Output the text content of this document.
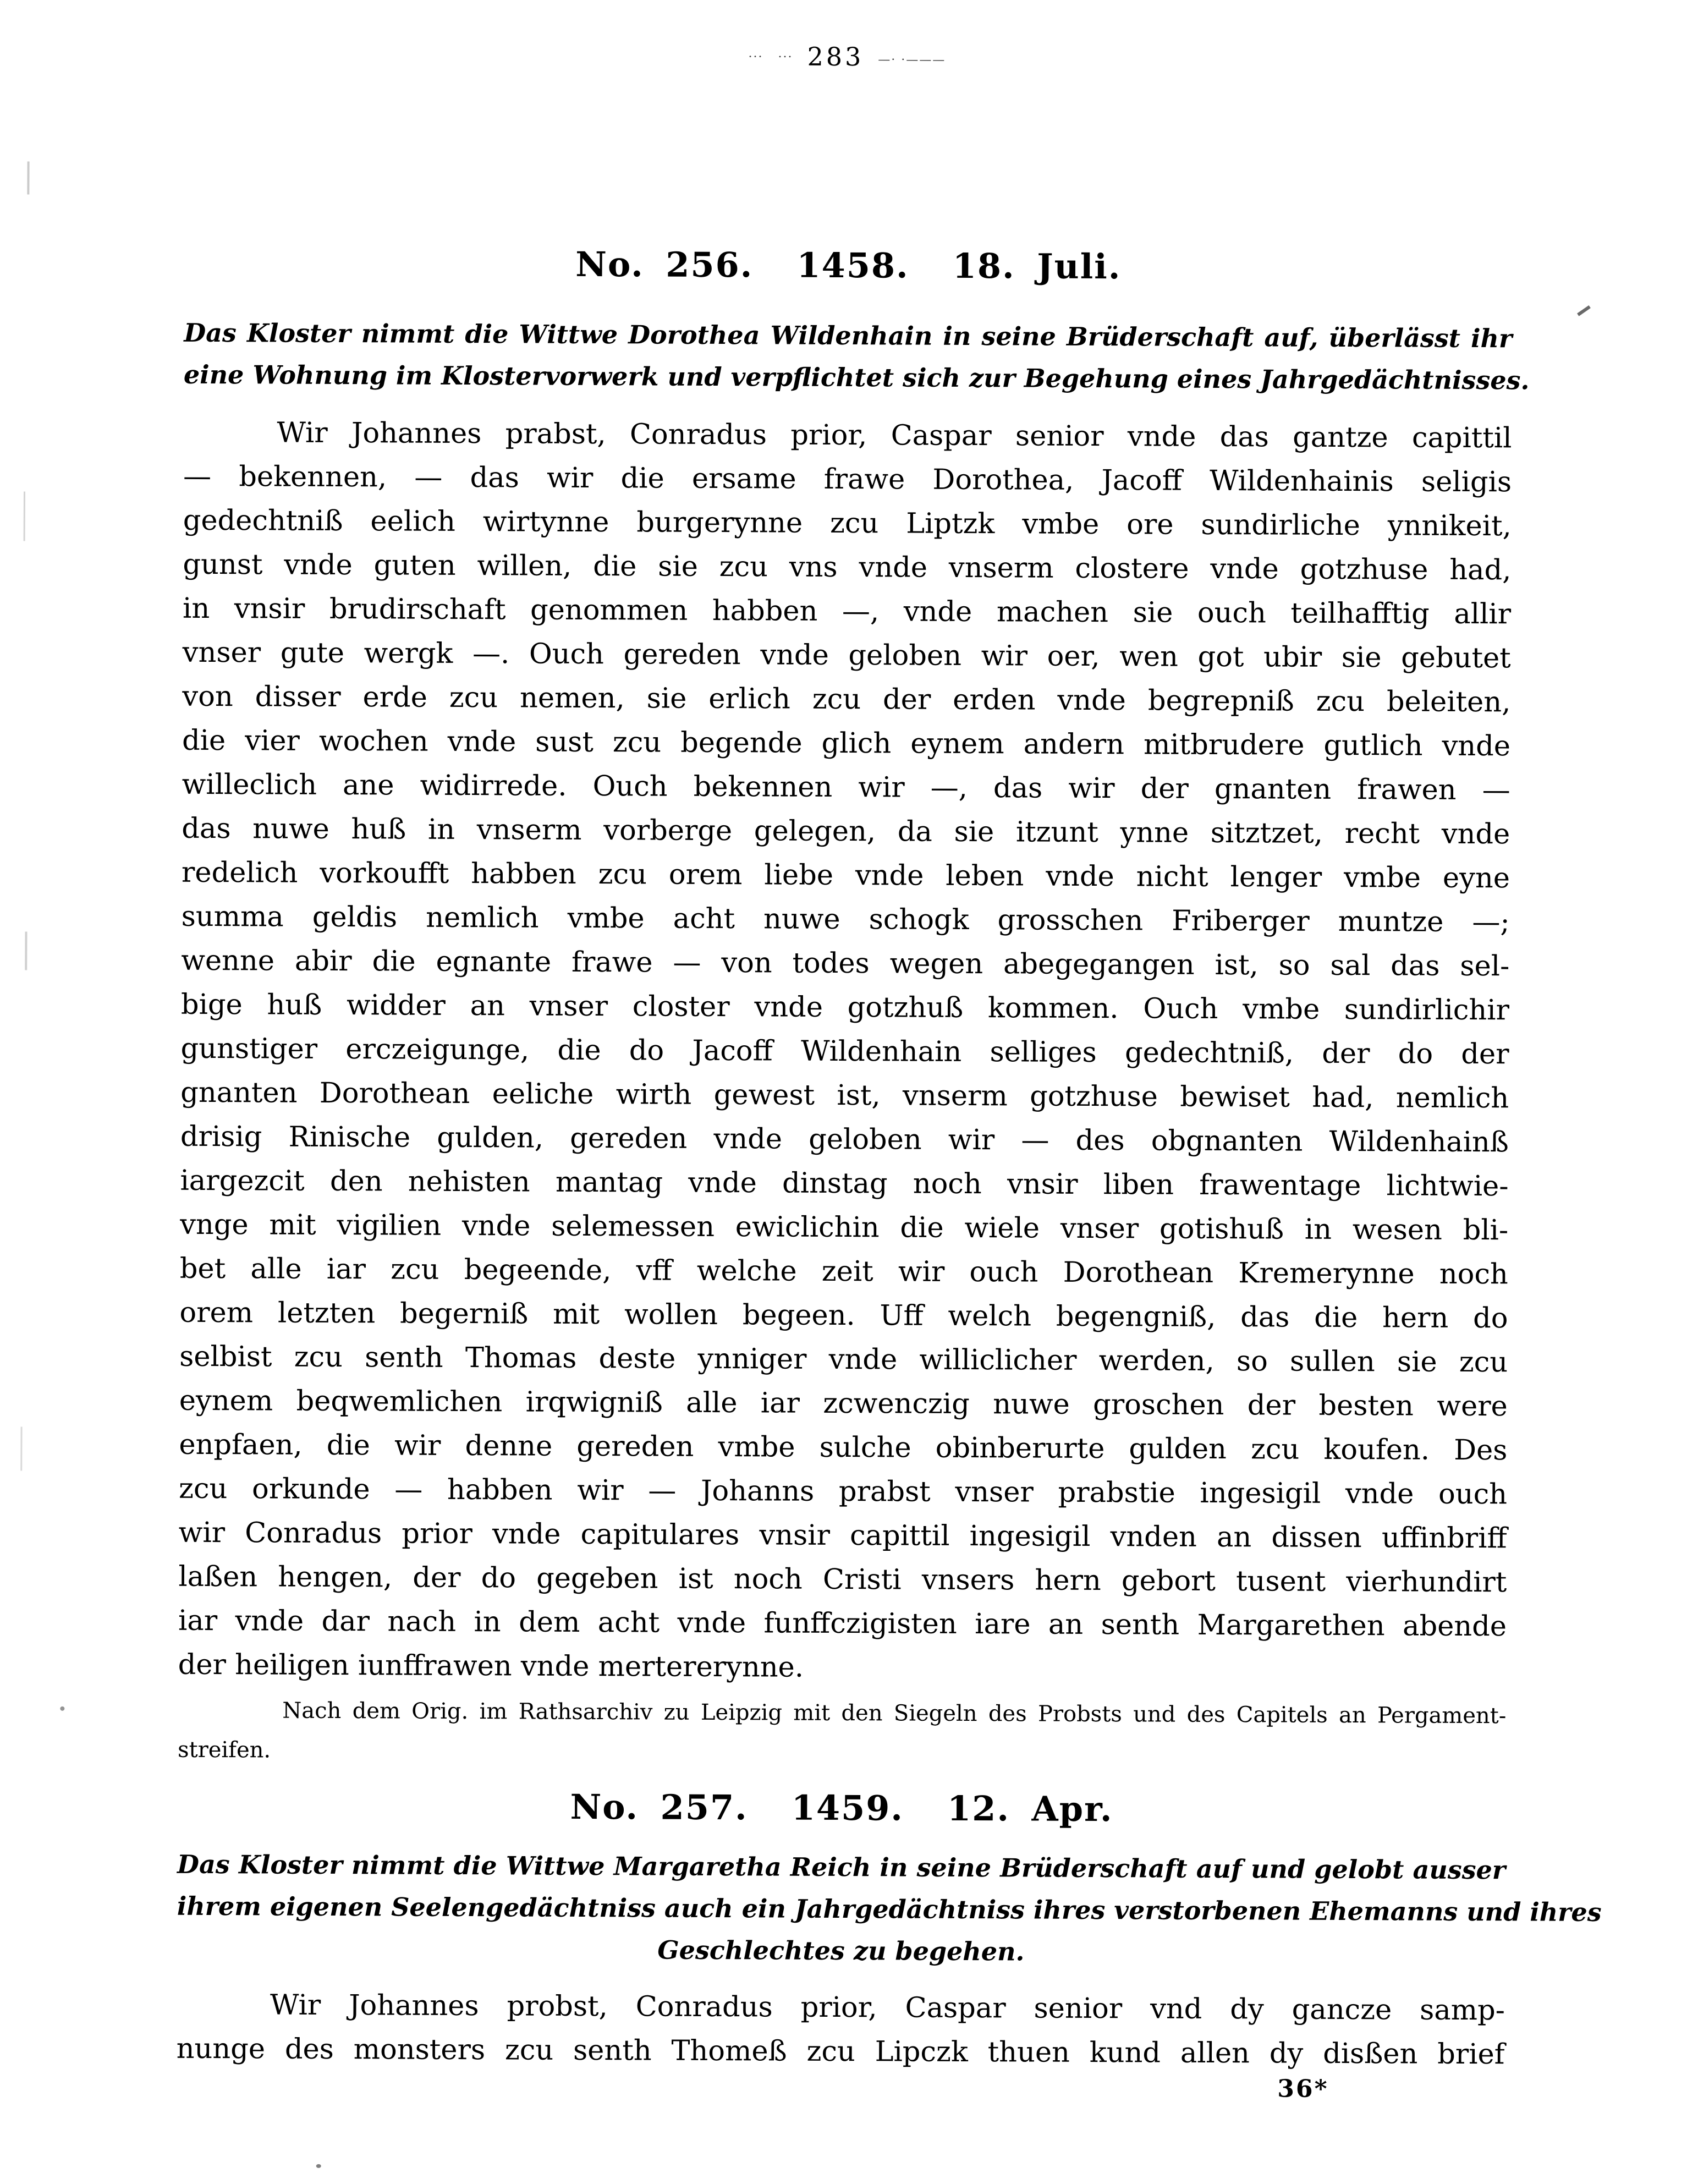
···   ··· 283 —· ·———
No. 256.  1458.  18. Juli.
Das Kloster nimmt die Wittwe Dorothea Wildenhain in seine Brüderschaft auf, überlässt ihr
eine Wohnung im Klostervorwerk und verpflichtet sich zur Begehung eines Jahrgedächtnisses.
Wir Johannes prabst, Conradus prior, Caspar senior vnde das gantze capittil
— bekennen, — das wir die ersame frawe Dorothea, Jacoff Wildenhainis seligis
gedechtniß eelich wirtynne burgerynne zcu Liptzk vmbe ore sundirliche ynnikeit,
gunst vnde guten willen, die sie zcu vns vnde vnserm clostere vnde gotzhuse had,
in vnsir brudirschaft genommen habben —, vnde machen sie ouch teilhafftig allir
vnser gute wergk —. Ouch gereden vnde geloben wir oer, wen got ubir sie gebutet
von disser erde zcu nemen, sie erlich zcu der erden vnde begrepniß zcu beleiten,
die vier wochen vnde sust zcu begende glich eynem andern mitbrudere gutlich vnde
willeclich ane widirrede. Ouch bekennen wir —, das wir der gnanten frawen —
das nuwe huß in vnserm vorberge gelegen, da sie itzunt ynne sitztzet, recht vnde
redelich vorkoufft habben zcu orem liebe vnde leben vnde nicht lenger vmbe eyne
summa geldis nemlich vmbe acht nuwe schogk grosschen Friberger muntze —;
wenne abir die egnante frawe — von todes wegen abegegangen ist, so sal das sel-
bige huß widder an vnser closter vnde gotzhuß kommen. Ouch vmbe sundirlichir
gunstiger erczeigunge, die do Jacoff Wildenhain selliges gedechtniß, der do der
gnanten Dorothean eeliche wirth gewest ist, vnserm gotzhuse bewiset had, nemlich
drisig Rinische gulden, gereden vnde geloben wir — des obgnanten Wildenhainß
iargezcit den nehisten mantag vnde dinstag noch vnsir liben frawentage lichtwie-
vnge mit vigilien vnde selemessen ewiclichin die wiele vnser gotishuß in wesen bli-
bet alle iar zcu begeende, vff welche zeit wir ouch Dorothean Kremerynne noch
orem letzten begerniß mit wollen begeen. Uff welch begengniß, das die hern do
selbist zcu senth Thomas deste ynniger vnde williclicher werden, so sullen sie zcu
eynem beqwemlichen irqwigniß alle iar zcwenczig nuwe groschen der besten were
enpfaen, die wir denne gereden vmbe sulche obinberurte gulden zcu koufen. Des
zcu orkunde — habben wir — Johanns prabst vnser prabstie ingesigil vnde ouch
wir Conradus prior vnde capitulares vnsir capittil ingesigil vnden an dissen uffinbriff
laßen hengen, der do gegeben ist noch Cristi vnsers hern gebort tusent vierhundirt
iar vnde dar nach in dem acht vnde funffczigisten iare an senth Margarethen abende
der heiligen iunffrawen vnde mertererynne.
Nach dem Orig. im Rathsarchiv zu Leipzig mit den Siegeln des Probsts und des Capitels an Pergament-
streifen.
No. 257.  1459.  12. Apr.
Das Kloster nimmt die Wittwe Margaretha Reich in seine Brüderschaft auf und gelobt ausser
ihrem eigenen Seelengedächtniss auch ein Jahrgedächtniss ihres verstorbenen Ehemanns und ihres
Geschlechtes zu begehen.
Wir Johannes probst, Conradus prior, Caspar senior vnd dy gancze samp-
nunge des monsters zcu senth Thomeß zcu Lipczk thuen kund allen dy disßen brief
36*
